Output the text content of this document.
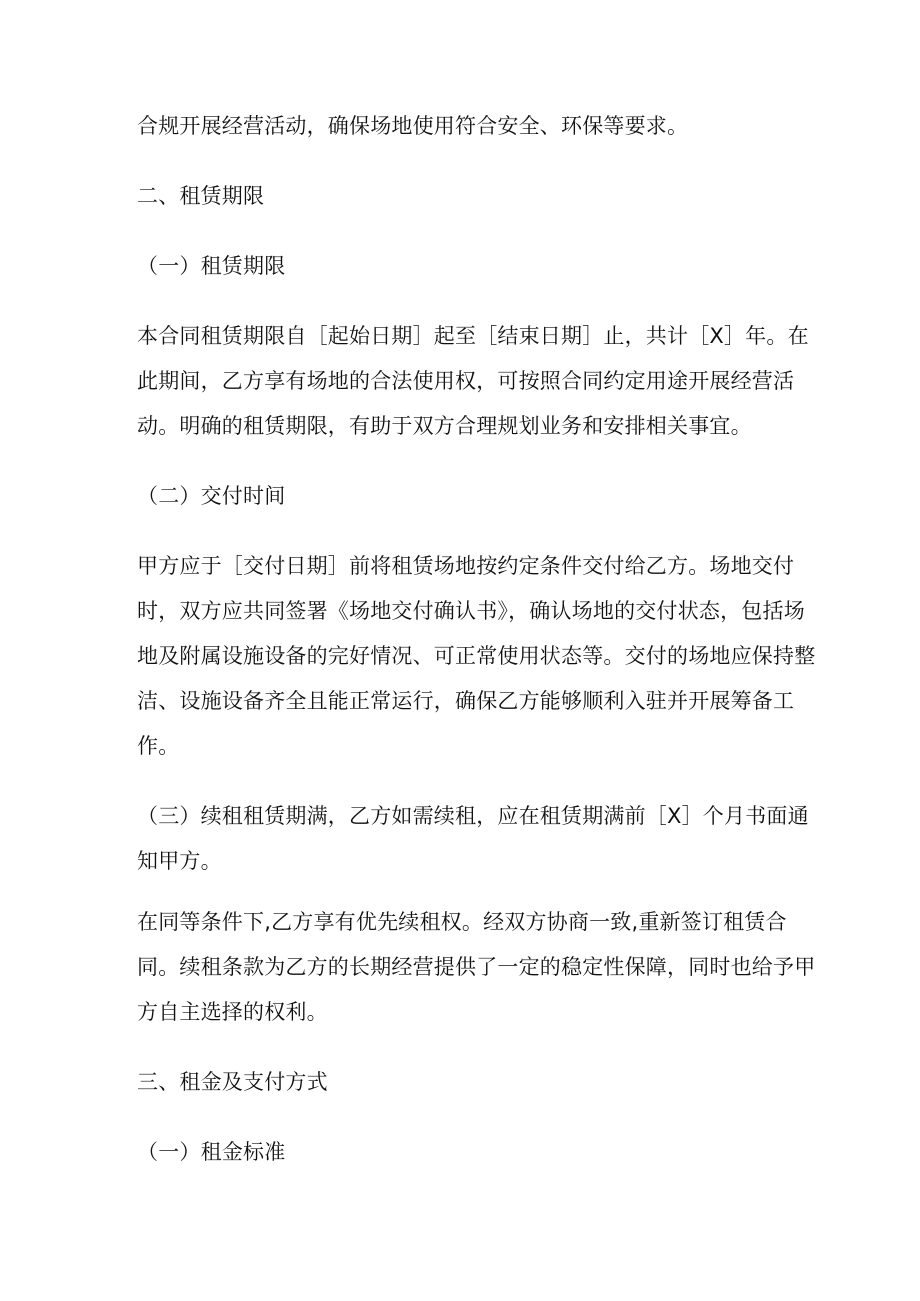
合规开展经营活动，确保场地使用符合安全、环保等要求。

二、租赁期限

（一）租赁期限

本合同租赁期限自［起始日期］起至［结束日期］止，共计［X］年。在

此期间，乙方享有场地的合法使用权，可按照合同约定用途开展经营活

动。明确的租赁期限，有助于双方合理规划业务和安排相关事宜。

（二）交付时间

甲方应于［交付日期］前将租赁场地按约定条件交付给乙方。场地交付

时，双方应共同签署《场地交付确认书》，确认场地的交付状态，包括场

地及附属设施设备的完好情况、可正常使用状态等。交付的场地应保持整

洁、设施设备齐全且能正常运行，确保乙方能够顺利入驻并开展筹备工

作。

（三）续租租赁期满，乙方如需续租，应在租赁期满前［X］个月书面通

知甲方。

在同等条件下,乙方享有优先续租权。经双方协商一致,重新签订租赁合

同。续租条款为乙方的长期经营提供了一定的稳定性保障，同时也给予甲

方自主选择的权利。

三、租金及支付方式

（一）租金标准
